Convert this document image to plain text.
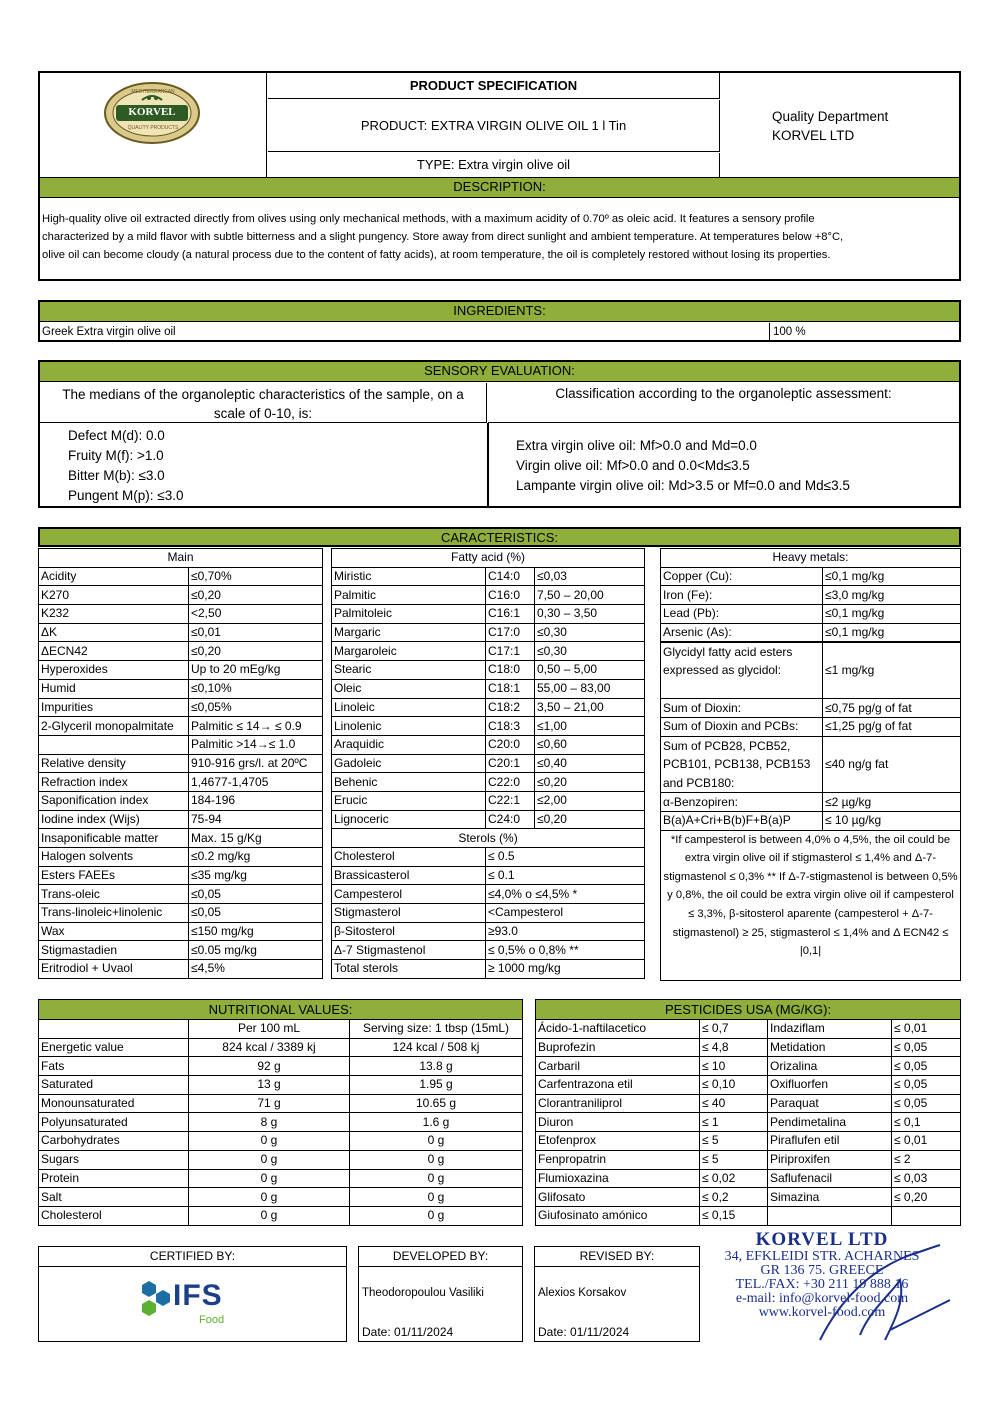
MEDITERRANEAN
KORVEL
QUALITY PRODUCTS
PRODUCT SPECIFICATION
PRODUCT: EXTRA VIRGIN OLIVE OIL 1 l Tin
TYPE: Extra virgin olive oil
Quality Department
KORVEL LTD
DESCRIPTION:
High-quality olive oil extracted directly from olives using only mechanical methods, with a maximum acidity of 0.70º as oleic acid. It features a sensory profile
characterized by a mild flavor with subtle bitterness and a slight pungency. Store away from direct sunlight and ambient temperature. At temperatures below +8°C,
olive oil can become cloudy (a natural process due to the content of fatty acids), at room temperature, the oil is completely restored without losing its properties.
INGREDIENTS:
Greek Extra virgin olive oil	100 %
SENSORY EVALUATION:
The medians of the organoleptic characteristics of the sample, on a scale of 0-10, is:
Classification according to the organoleptic assessment:
Defect M(d): 0.0
Fruity M(f): >1.0
Bitter M(b): ≤3.0
Pungent M(p): ≤3.0
Extra virgin olive oil: Mf>0.0 and Md=0.0
Virgin olive oil: Mf>0.0 and 0.0<Md≤3.5
Lampante virgin olive oil: Md>3.5 or Mf=0.0 and Md≤3.5
CARACTERISTICS:
Main	
Acidity	≤0,70%
K270	≤0,20
K232	<2,50
ΔK	≤0,01
ΔECN42	≤0,20
Hyperoxides	Up to 20 mEg/kg
Humid	≤0,10%
Impurities	≤0,05%
2-Glyceril monopalmitate	Palmitic ≤ 14→ ≤ 0.9
	Palmitic >14→≤ 1.0
Relative density	910-916 grs/l. at 20ºC
Refraction index	1,4677-1,4705
Saponification index	184-196
Iodine index (Wijs)	75-94
Insaponificable matter	Max. 15 g/Kg
Halogen solvents	≤0.2 mg/kg
Esters FAEEs	≤35 mg/kg
Trans-oleic	≤0,05
Trans-linoleic+linolenic	≤0,05
Wax	≤150 mg/kg
Stigmastadien	≤0.05 mg/kg
Eritrodiol + Uvaol	≤4,5%
Fatty acid (%)		
Miristic	C14:0	≤0,03
Palmitic	C16:0	7,50 – 20,00
Palmitoleic	C16:1	0,30 – 3,50
Margaric	C17:0	≤0,30
Margaroleic	C17:1	≤0,30
Stearic	C18:0	0,50 – 5,00
Oleic	C18:1	55,00 – 83,00
Linoleic	C18:2	3,50 – 21,00
Linolenic	C18:3	≤1,00
Araquidic	C20:0	≤0,60
Gadoleic	C20:1	≤0,40
Behenic	C22:0	≤0,20
Erucic	C22:1	≤2,00
Lignoceric	C24:0	≤0,20
Sterols (%)		
Cholesterol	≤ 0.5	
Brassicasterol	≤ 0.1	
Campesterol	≤4,0% o ≤4,5% *	
Stigmasterol	<Campesterol	
β-Sitosterol	≥93.0	
Δ-7 Stigmastenol	≤ 0,5% o 0,8% **	
Total sterols	≥ 1000 mg/kg	
Heavy metals:	
Copper (Cu):	≤0,1 mg/kg
Iron (Fe):	≤3,0 mg/kg
Lead (Pb):	≤0,1 mg/kg
Arsenic (As):	≤0,1 mg/kg
Glycidyl fatty acid esters expressed as glycidol:	≤1 mg/kg
Sum of Dioxin:	≤0,75 pg/g of fat
Sum of Dioxin and PCBs:	≤1,25 pg/g of fat
Sum of PCB28, PCB52, PCB101, PCB138, PCB153 and PCB180:	≤40 ng/g fat
α-Benzopiren:	≤2 µg/kg
B(a)A+Cri+B(b)F+B(a)P	≤ 10 µg/kg
*If campesterol is between 4,0% o 4,5%, the oil could be extra virgin olive oil if stigmasterol ≤ 1,4% and Δ-7-stigmastenol ≤ 0,3% ** If Δ-7-stigmastenol is between 0,5% y 0,8%, the oil could be extra virgin olive oil if campesterol ≤ 3,3%, β-sitosterol aparente (campesterol + Δ-7-stigmastenol) ≥ 25, stigmasterol ≤ 1,4% and Δ ECN42 ≤ |0,1|	
NUTRITIONAL VALUES:		
	Per 100 mL	Serving size: 1 tbsp (15mL)
Energetic value	824 kcal / 3389 kj	124 kcal / 508 kj
Fats	92 g	13.8 g
Saturated	13 g	1.95 g
Monounsaturated	71 g	10.65 g
Polyunsaturated	8 g	1.6 g
Carbohydrates	0 g	0 g
Sugars	0 g	0 g
Protein	0 g	0 g
Salt	0 g	0 g
Cholesterol	0 g	0 g
PESTICIDES USA (MG/KG):			
Ácido-1-naftilacetico	≤ 0,7	Indaziflam	≤ 0,01
Buprofezin	≤ 4,8	Metidation	≤ 0,05
Carbaril	≤ 10	Orizalina	≤ 0,05
Carfentrazona etil	≤ 0,10	Oxifluorfen	≤ 0,05
Clorantraniliprol	≤ 40	Paraquat	≤ 0,05
Diuron	≤ 1	Pendimetalina	≤ 0,1
Etofenprox	≤ 5	Piraflufen etil	≤ 0,01
Fenpropatrin	≤ 5	Piriproxifen	≤ 2
Flumioxazina	≤ 0,02	Saflufenacil	≤ 0,03
Glifosato	≤ 0,2	Simazina	≤ 0,20
Giufosinato amónico	≤ 0,15		
CERTIFIED BY:
IFS
Food
DEVELOPED BY:
Theodoropoulou Vasiliki
Date: 01/11/2024
REVISED BY:
Alexios Korsakov
Date: 01/11/2024
KORVEL LTD
34, EFKLEIDI STR. ACHARNES
GR 136 75. GREECE
TEL./FAX: +30 211 19 888 16
e-mail: info@korvel-food.com
www.korvel-food.com
